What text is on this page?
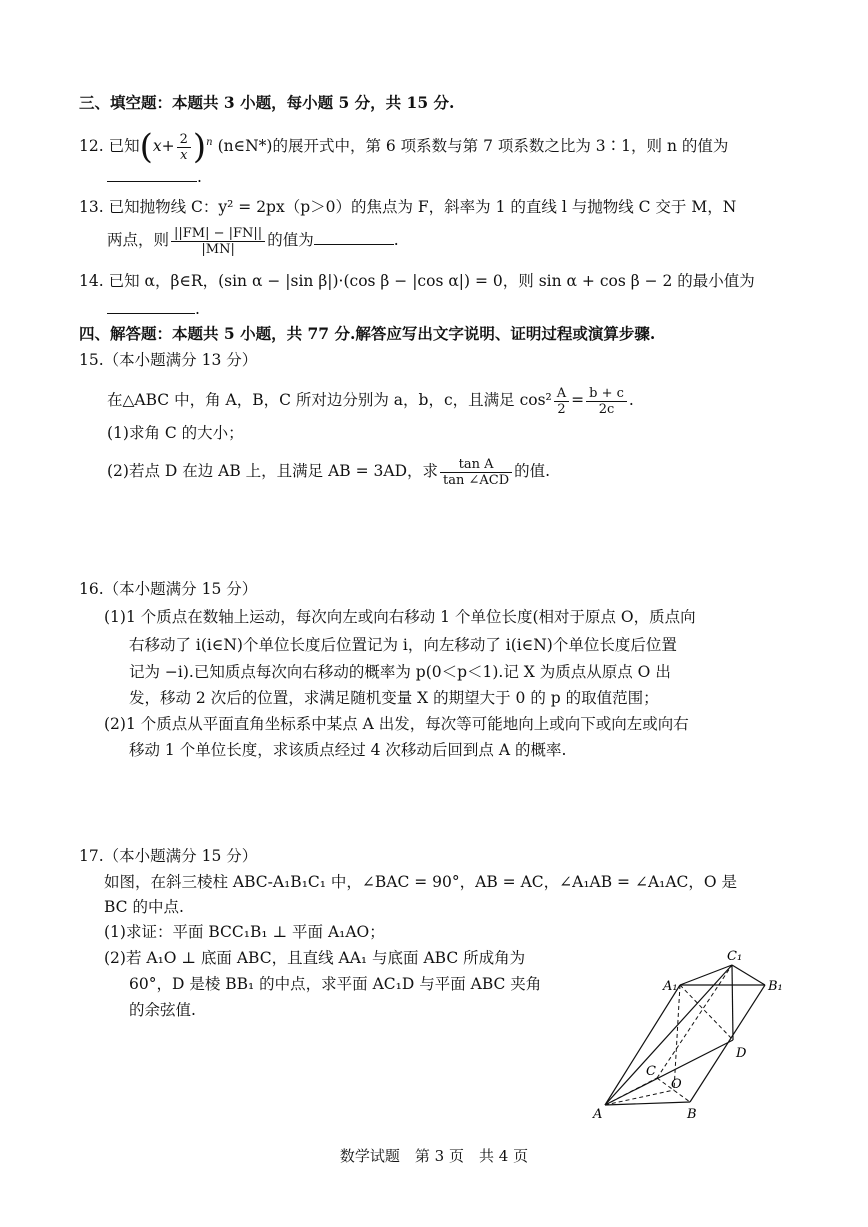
三、填空题：本题共 3 小题，每小题 5 分，共 15 分.
12. 已知$(x+ \frac{2}{x} )^n$ (n∈N*)的展开式中，第 6 项系数与第 7 项系数之比为 3∶1，则 n 的值为
.
13. 已知抛物线 C：y² = 2px（p＞0）的焦点为 F，斜率为 1 的直线 l 与抛物线 C 交于 M，N
两点，则 $\frac{||FM| - |FN||}{|MN|}$ 的值为	.
14. 已知 α，β∈R，(sin α − |sin β|)·(cos β − |cos α|) = 0，则 sin α + cos β − 2 的最小值为
.
四、解答题：本题共 5 小题，共 77 分.解答应写出文字说明、证明过程或演算步骤.
15.（本小题满分 13 分）
在△ABC 中，角 A，B，C 所对边分别为 a，b，c，且满足 $\cos^2 \frac{A}{2} = \frac{b + c}{2c}$ .
(1)求角 C 的大小；
(2)若点 D 在边 AB 上，且满足 AB = 3AD，求 $\frac{\text{tan A}}{\text{tan ∠ACD}}$ 的值.
16.（本小题满分 15 分）
(1)1 个质点在数轴上运动，每次向左或向右移动 1 个单位长度(相对于原点 O，质点向
右移动了 i(i∈N)个单位长度后位置记为 i，向左移动了 i(i∈N)个单位长度后位置
记为 −i).已知质点每次向右移动的概率为 p(0＜p＜1).记 X 为质点从原点 O 出
发，移动 2 次后的位置，求满足随机变量 X 的期望大于 0 的 p 的取值范围；
(2)1 个质点从平面直角坐标系中某点 A 出发，每次等可能地向上或向下或向左或向右
移动 1 个单位长度，求该质点经过 4 次移动后回到点 A 的概率.
17.（本小题满分 15 分）
如图，在斜三棱柱 ABC-A₁B₁C₁ 中，∠BAC = 90°，AB = AC，∠A₁AB = ∠A₁AC，O 是
BC 的中点.
(1)求证：平面 BCC₁B₁ ⊥ 平面 A₁AO；
(2)若 A₁O ⊥ 底面 ABC，且直线 AA₁ 与底面 ABC 所成角为
60°，D 是棱 BB₁ 的中点，求平面 AC₁D 与平面 ABC 夹角
的余弦值.
C₁
A₁	B₁
D
C
O
A	B
数学试题　第 3 页　共 4 页
